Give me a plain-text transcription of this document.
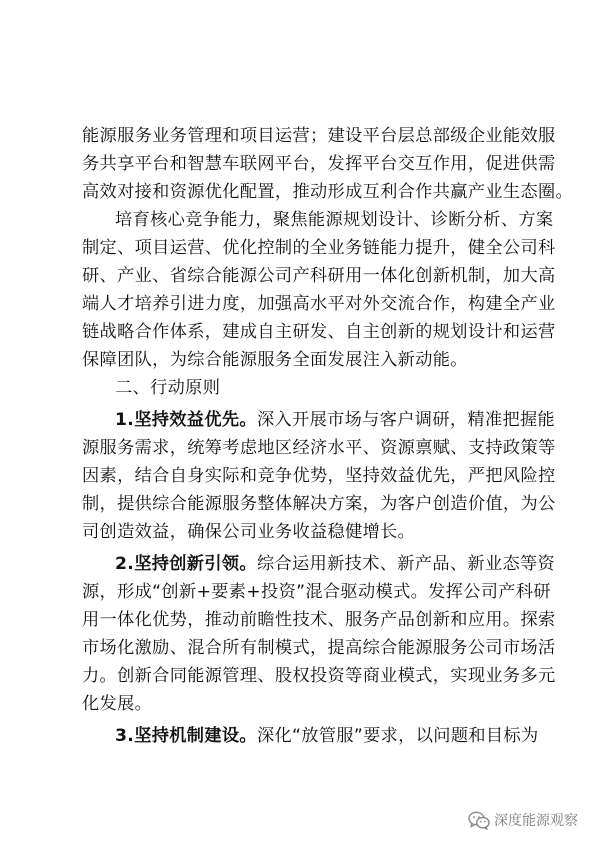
能源服务业务管理和项目运营；建设平台层总部级企业能效服
务共享平台和智慧车联网平台，发挥平台交互作用，促进供需
高效对接和资源优化配置，推动形成互利合作共赢产业生态圈。
培育核心竞争能力，聚焦能源规划设计、诊断分析、方案
制定、项目运营、优化控制的全业务链能力提升，健全公司科
研、产业、省综合能源公司产科研用一体化创新机制，加大高
端人才培养引进力度，加强高水平对外交流合作，构建全产业
链战略合作体系，建成自主研发、自主创新的规划设计和运营
保障团队，为综合能源服务全面发展注入新动能。
二、行动原则
1.坚持效益优先。深入开展市场与客户调研，精准把握能
源服务需求，统筹考虑地区经济水平、资源禀赋、支持政策等
因素，结合自身实际和竞争优势，坚持效益优先，严把风险控
制，提供综合能源服务整体解决方案，为客户创造价值，为公
司创造效益，确保公司业务收益稳健增长。
2.坚持创新引领。综合运用新技术、新产品、新业态等资
源，形成“创新+要素+投资”混合驱动模式。发挥公司产科研
用一体化优势，推动前瞻性技术、服务产品创新和应用。探索
市场化激励、混合所有制模式，提高综合能源服务公司市场活
力。创新合同能源管理、股权投资等商业模式，实现业务多元
化发展。
3.坚持机制建设。深化“放管服”要求，以问题和目标为
深度能源观察
